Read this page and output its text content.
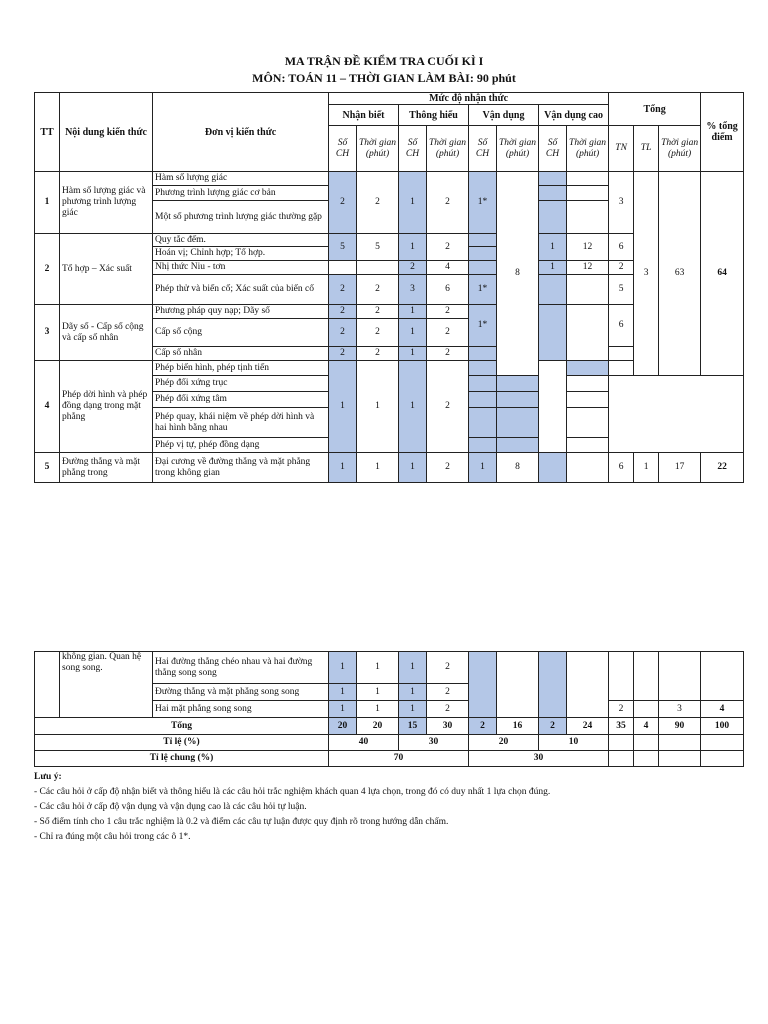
MA TRẬN ĐỀ KIỂM TRA CUỐI KÌ I
MÔN: TOÁN 11 – THỜI GIAN LÀM BÀI: 90 phút
TT	Nội dung kiến thức	Đơn vị kiến thức	Mức độ nhận thức								Tổng			% tổng điểm	
			Nhận biết		Thông hiểu		Vận dụng		Vận dụng cao						
			Số CH	Thời gian (phút)	Số CH	Thời gian (phút)	Số CH	Thời gian (phút)	Số CH	Thời gian (phút)	TN	TL	Thời gian (phút)		
1	Hàm số lượng giác và phương trình lượng giác	Hàm số lượng giác	2	2	1	2	1*	8			3	3	63	64	
		Phương trình lượng giác cơ bản													
		Một số phương trình lượng giác thường gặp													
2	Tổ hợp – Xác suất	Quy tắc đếm.	5	5	1	2			1	12	6				
		Hoán vị; Chỉnh hợp; Tổ hợp.													
		Nhị thức Niu - tơn			2	4			1	12	2				
		Phép thử và biến cố; Xác suất của biến cố	2	2	3	6	1*				5				
3	Dãy số - Cấp số cộng và cấp số nhân	Phương pháp quy nạp; Dãy số	2	2	1	2	1*				6				
		Cấp số cộng	2	2	1	2									
		Cấp số nhân	2	2	1	2						
4	Phép dời hình và phép đồng dạng trong mặt phẳng	Phép biến hình, phép tịnh tiến	1	1	1	2								
		Phép đối xứng trục													
		Phép đối xứng tâm													
		Phép quay, khái niệm về phép dời hình và hai hình bằng nhau													
		Phép vị tự, phép đồng dạng													
5	Đường thẳng và mặt phẳng trong	Đại cương về đường thẳng và mặt phẳng trong không gian	1	1	1	2	1	8			6	1	17	22	
	không gian. Quan hệ song song.	Hai đường thẳng chéo nhau và hai đường thẳng song song	1	1	1	2								
		Đường thẳng và mặt phẳng song song	1	1	1	2								
		Hai mặt phẳng song song	1	1	1	2					2		3	4
Tổng			20	20	15	30	2	16	2	24	35	4	90	100
Tỉ lệ (%)			40		30		20		10					
Tỉ lệ chung (%)			70				30							
Lưu ý:
- Các câu hỏi ở cấp độ nhận biết và thông hiểu là các câu hỏi trắc nghiệm khách quan 4 lựa chọn, trong đó có duy nhất 1 lựa chọn đúng.
- Các câu hỏi ở cấp độ vận dụng và vận dụng cao là các câu hỏi tự luận.
- Số điểm tính cho 1 câu trắc nghiệm là 0.2 và điểm các câu tự luận được quy định rõ trong hướng dẫn chấm.
- Chỉ ra đúng một câu hỏi trong các ô 1*.
